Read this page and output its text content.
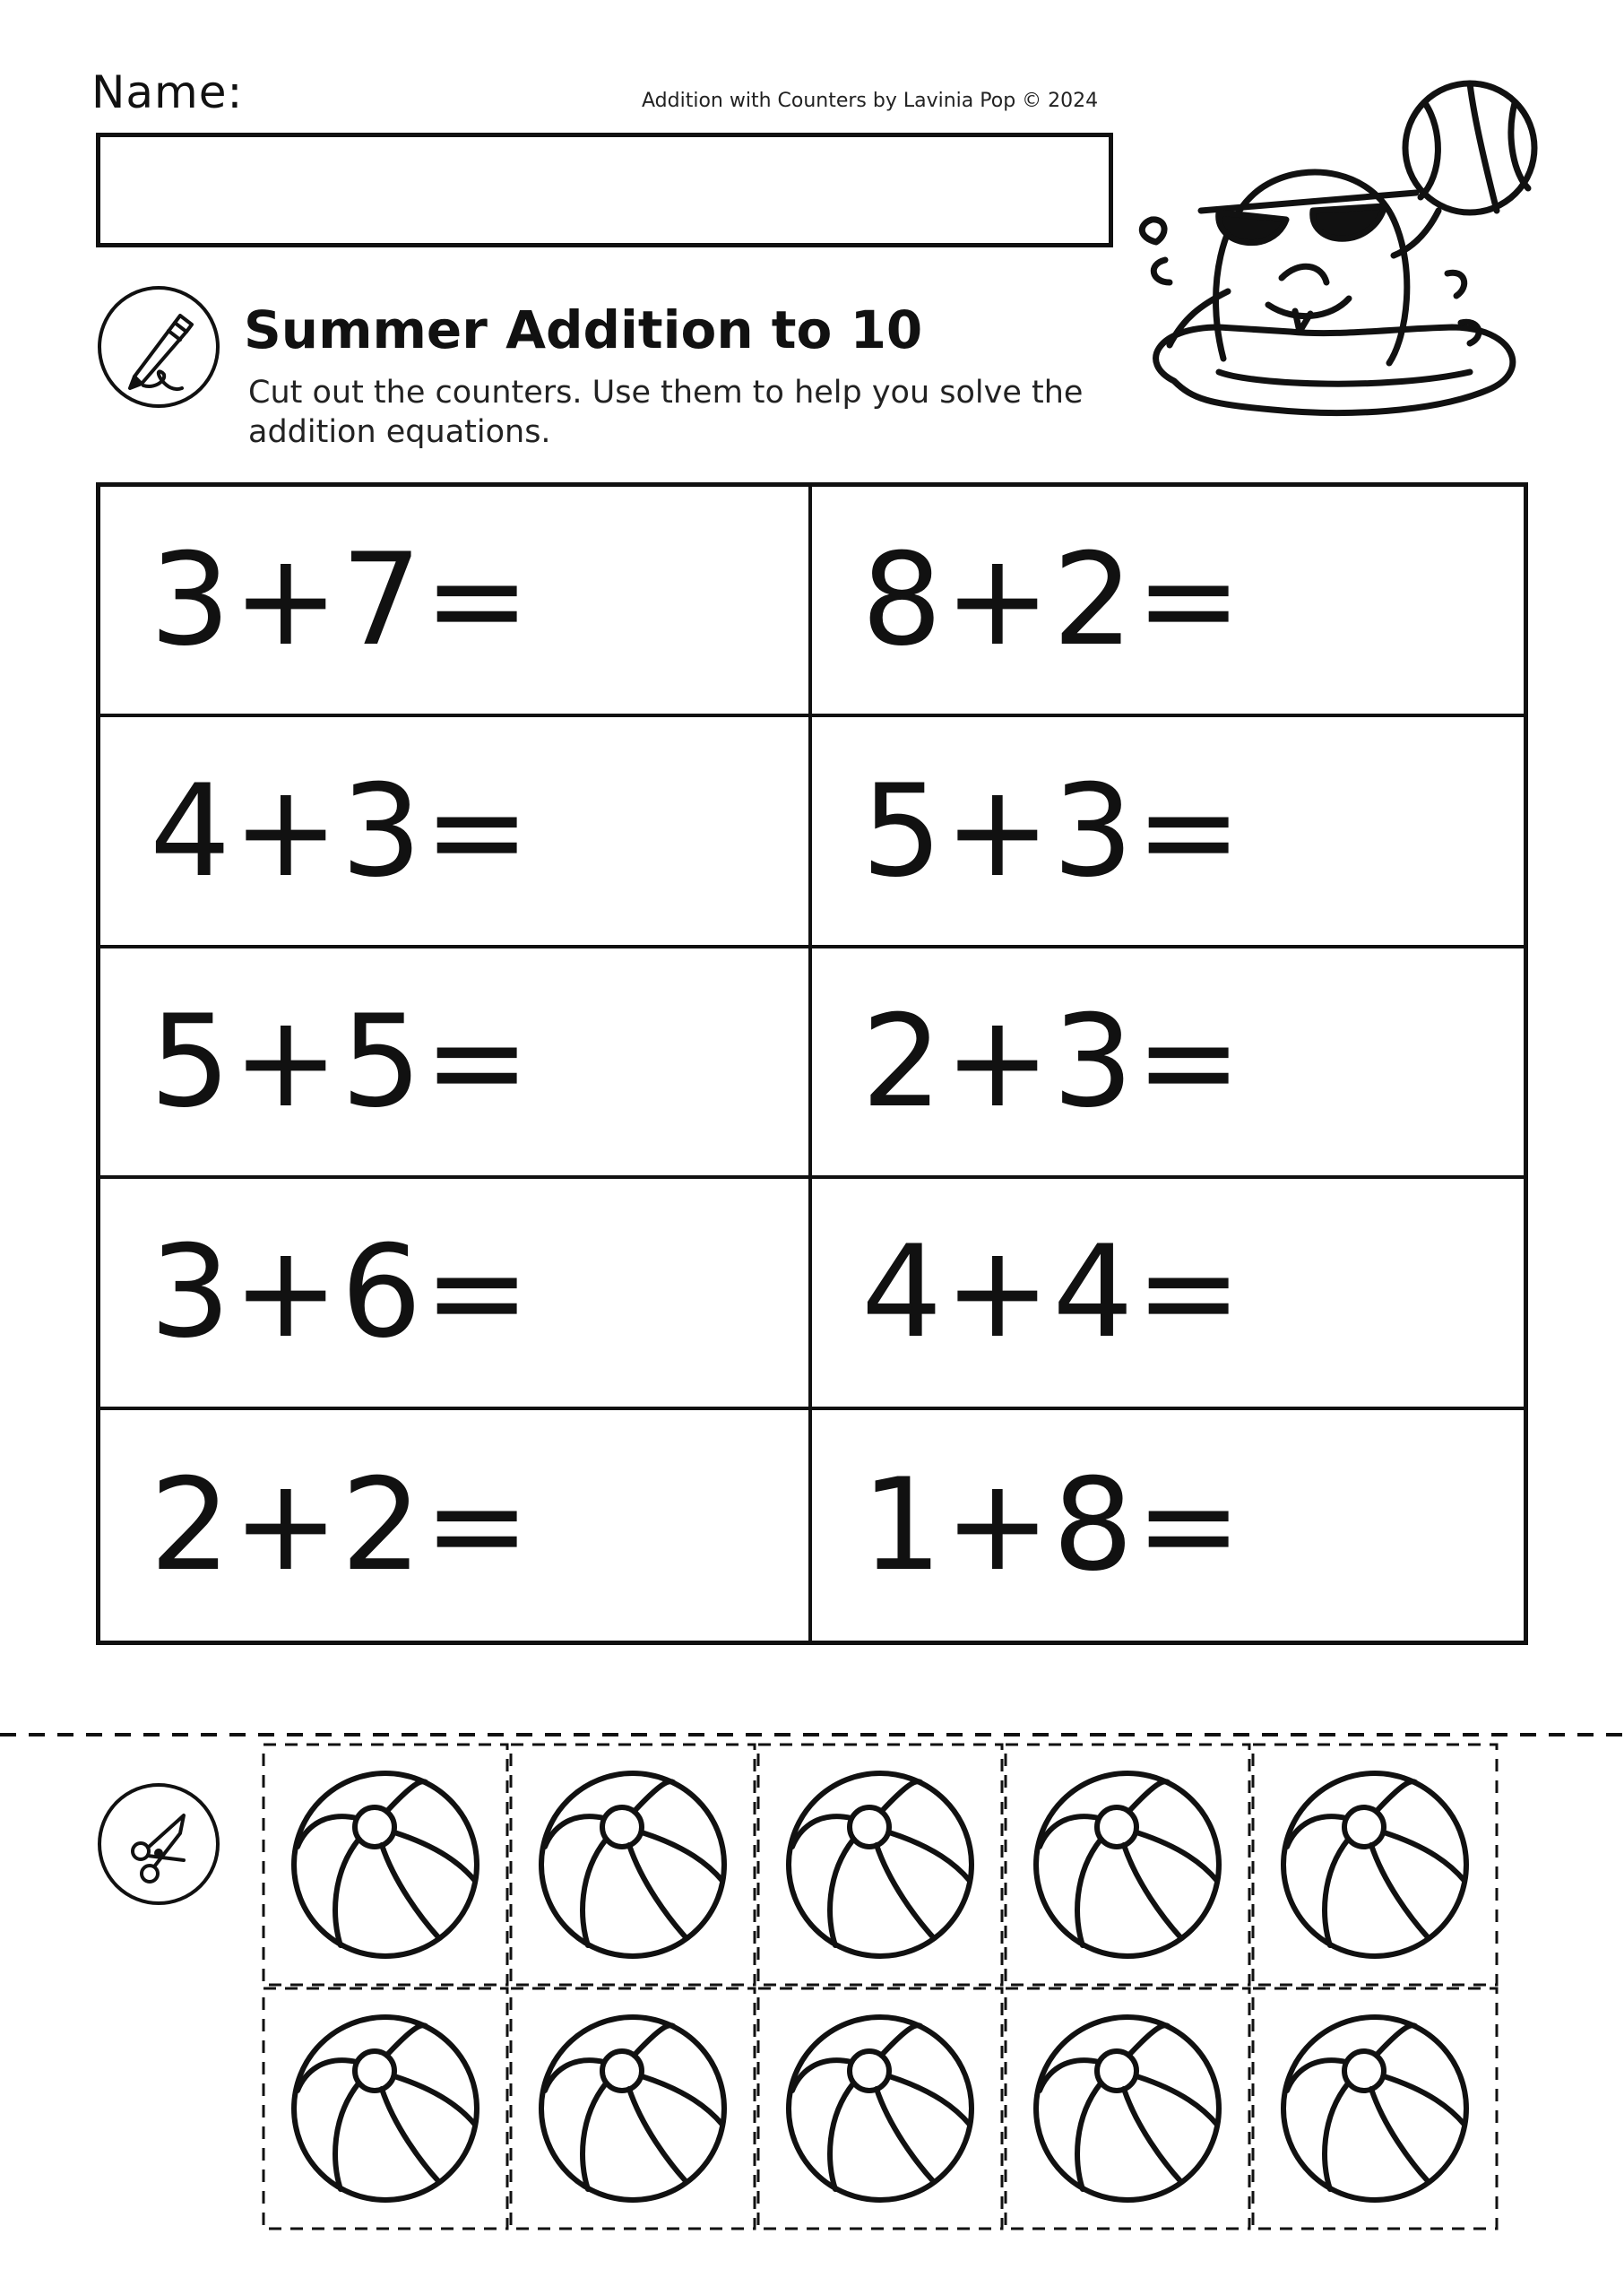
Name:	Addition with Counters by Lavinia Pop © 2024
Summer Addition to 10
Cut out the counters. Use them to help you solve the addition equations.
3+7=	8+2=
4+3=	5+3=
5+5=	2+3=
3+6=	4+4=
2+2=	1+8=
